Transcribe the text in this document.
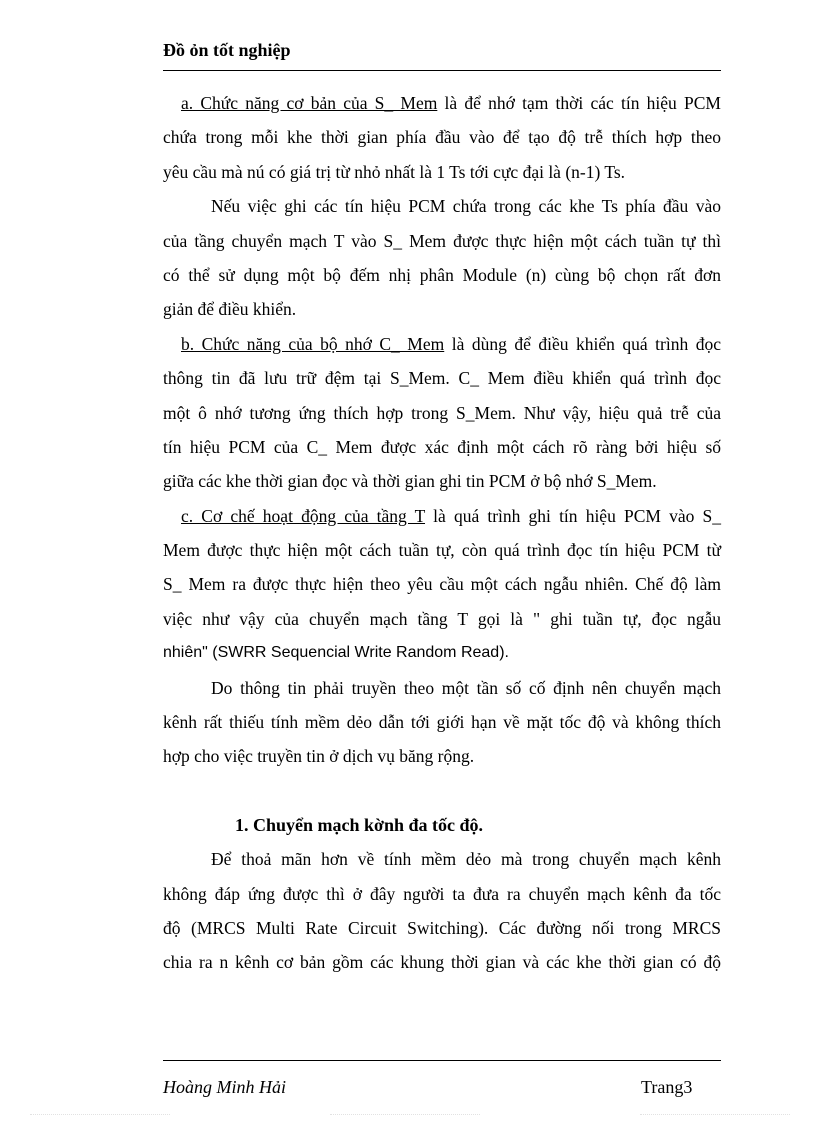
Đồ ỏn tốt nghiệp
a. Chức năng cơ bản của S_ Mem là để nhớ tạm thời các tín hiệu PCM
chứa trong mỗi khe thời gian phía đầu vào để tạo độ trễ thích hợp theo
yêu cầu mà nú có giá trị từ nhỏ nhất là 1 Ts tới cực đại là (n-1) Ts.
Nếu việc ghi các tín hiệu PCM chứa trong các khe Ts phía đầu vào
của tầng chuyển mạch T vào S_ Mem được thực hiện một cách tuần tự thì
có thể sử dụng một bộ đếm nhị phân Module (n) cùng bộ chọn rất đơn
giản để điều khiển.
b. Chức năng của bộ nhớ C_ Mem là dùng để điều khiển quá trình đọc
thông tin đã lưu trữ đệm tại S_Mem. C_ Mem điều khiển quá trình đọc
một ô nhớ tương ứng thích hợp trong S_Mem. Như vậy, hiệu quả trễ của
tín hiệu PCM của C_ Mem được xác định một cách rõ ràng bởi hiệu số
giữa các khe thời gian đọc và thời gian ghi tin PCM ở bộ nhớ S_Mem.
c. Cơ chế hoạt động của tầng T là quá trình ghi tín hiệu PCM vào S_
Mem được thực hiện một cách tuần tự, còn quá trình đọc tín hiệu PCM từ
S_ Mem ra được thực hiện theo yêu cầu một cách ngẫu nhiên. Chế độ làm
việc như vậy của chuyển mạch tầng T gọi là " ghi tuần tự, đọc ngẫu
nhiên" (SWRR Sequencial Write Random Read).
Do thông tin phải truyền theo một tần số cố định nên chuyển mạch
kênh rất thiếu tính mềm dẻo dẫn tới giới hạn về mặt tốc độ và không thích
hợp cho việc truyền tin ở dịch vụ băng rộng.
1. Chuyển mạch kờnh đa tốc độ.
Để thoả mãn hơn về tính mềm dẻo mà trong chuyển mạch kênh
không đáp ứng được thì ở đây người ta đưa ra chuyển mạch kênh đa tốc
độ (MRCS Multi Rate Circuit Switching). Các đường nối trong MRCS
chia ra n kênh cơ bản gồm các khung thời gian và các khe thời gian có độ
Hoàng Minh Hải	Trang3
